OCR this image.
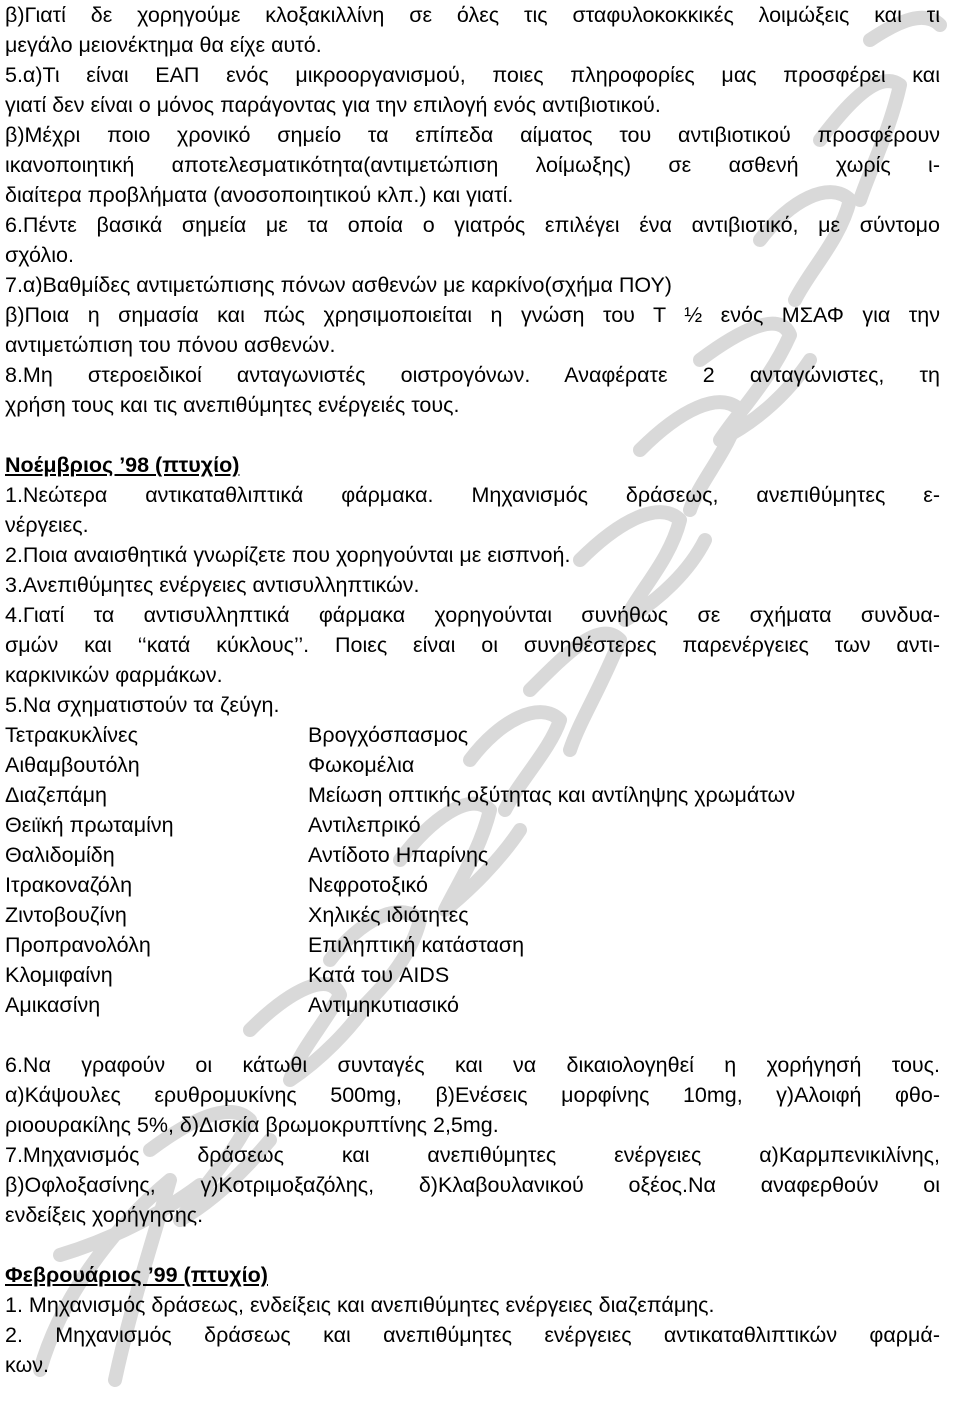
β)Γιατί δε χορηγούμε κλοξακιλλίνη σε όλες τις σταφυλοκοκκικές λοιμώξεις και τι
μεγάλο μειονέκτημα θα είχε αυτό.
5.α)Τι είναι ΕΑΠ ενός μικροοργανισμού, ποιες πληροφορίες μας προσφέρει και
γιατί δεν είναι ο μόνος παράγοντας για την επιλογή ενός αντιβιοτικού.
β)Μέχρι ποιο χρονικό σημείο τα επίπεδα αίματος του αντιβιοτικού προσφέρουν
ικανοποιητική αποτελεσματικότητα(αντιμετώπιση λοίμωξης) σε ασθενή χωρίς ι-
διαίτερα προβλήματα (ανοσοποιητικού κλπ.) και γιατί.
6.Πέντε βασικά σημεία με τα οποία ο γιατρός επιλέγει ένα αντιβιοτικό, με σύντομο
σχόλιο.
7.α)Βαθμίδες αντιμετώπισης πόνων ασθενών με καρκίνο(σχήμα ΠΟΥ)
β)Ποια η σημασία και πώς χρησιμοποιείται η γνώση του Τ ½ ενός ΜΣΑΦ για την
αντιμετώπιση του πόνου ασθενών.
8.Μη στεροειδικοί ανταγωνιστές οιστρογόνων. Αναφέρατε 2 ανταγώνιστες, τη
χρήση τους και τις ανεπιθύμητες ενέργειές τους.
Νοέμβριος ’98 (πτυχίο)
1.Νεώτερα αντικαταθλιπτικά φάρμακα. Μηχανισμός δράσεως, ανεπιθύμητες ε-
νέργειες.
2.Ποια αναισθητικά γνωρίζετε που χορηγούνται με εισπνοή.
3.Ανεπιθύμητες ενέργειες αντισυλληπτικών.
4.Γιατί τα αντισυλληπτικά φάρμακα χορηγούνται συνήθως σε σχήματα συνδυα-
σμών και ‘‘κατά κύκλους’’. Ποιες είναι οι συνηθέστερες παρενέργειες των αντι-
καρκινικών φαρμάκων.
5.Να σχηματιστούν τα ζεύγη.
Τετρακυκλίνες	Βρογχόσπασμος
Αιθαμβουτόλη	Φωκομέλια
Διαζεπάμη	Μείωση οπτικής οξύτητας και αντίληψης χρωμάτων
Θειϊκή πρωταμίνη	Αντιλεπρικό
Θαλιδομίδη	Αντίδοτο Ηπαρίνης
Ιτρακοναζόλη	Νεφροτοξικό
Ζιντοβουζίνη	Χηλικές ιδιότητες
Προπρανολόλη	Επιληπτική κατάσταση
Κλομιφαίνη	Κατά του AIDS
Αμικασίνη	Αντιμηκυτιασικό
6.Να γραφούν οι κάτωθι συνταγές και να δικαιολογηθεί η χορήγησή τους.
α)Κάψουλες ερυθρομυκίνης 500mg, β)Ενέσεις μορφίνης 10mg, γ)Αλοιφή φθο-
ριοουρακίλης 5%, δ)Δισκία βρωμοκρυπτίνης 2,5mg.
7.Μηχανισμός δράσεως και ανεπιθύμητες ενέργειες α)Καρμπενικιλίνης,
β)Οφλοξασίνης, γ)Κοτριμοξαζόλης, δ)Κλαβουλανικού οξέος.Να αναφερθούν οι
ενδείξεις χορήγησης.
Φεβρουάριος ’99 (πτυχίο)
1. Μηχανισμός δράσεως, ενδείξεις και ανεπιθύμητες ενέργειες διαζεπάμης.
2. Μηχανισμός δράσεως και ανεπιθύμητες ενέργειες αντικαταθλιπτικών φαρμά-
κων.
